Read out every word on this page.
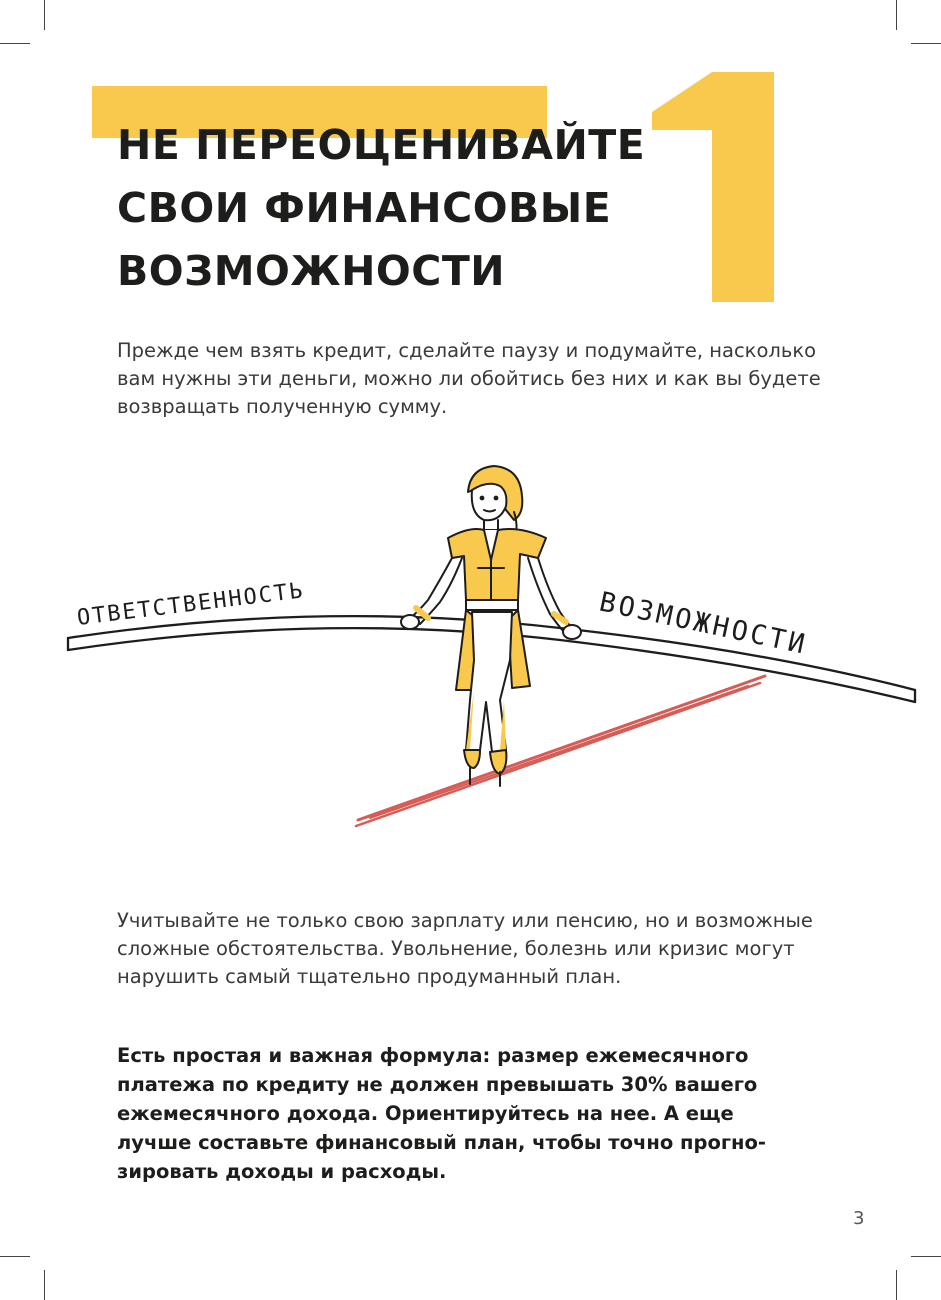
НЕ ПЕРЕОЦЕНИВАЙТЕ
СВОИ ФИНАНСОВЫЕ
ВОЗМОЖНОСТИ

Прежде чем взять кредит, сделайте паузу и подумайте, насколько
вам нужны эти деньги, можно ли обойтись без них и как вы будете
возвращать полученную сумму.

ОТВЕТСТВЕННОСТЬ	ВОЗМОЖНОСТИ

Учитывайте не только свою зарплату или пенсию, но и возможные
сложные обстоятельства. Увольнение, болезнь или кризис могут
нарушить самый тщательно продуманный план.

Есть простая и важная формула: размер ежемесячного
платежа по кредиту не должен превышать 30% вашего
ежемесячного дохода. Ориентируйтесь на нее. А еще
лучше составьте финансовый план, чтобы точно прогно-
зировать доходы и расходы.

3
